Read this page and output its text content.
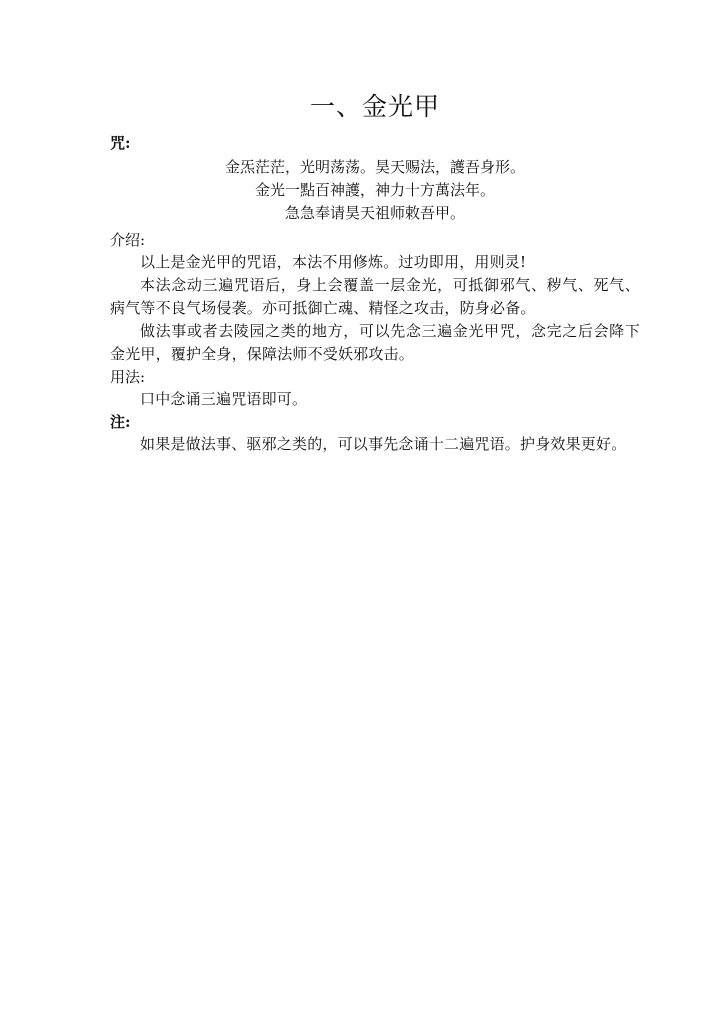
一、金光甲

咒:

金炁茫茫，光明荡荡。昊天赐法，護吾身形。
金光一點百神護，神力十方萬法年。
急急奉请昊天祖师敕吾甲。

介绍:

以上是金光甲的咒语，本法不用修炼。过功即用，用则灵!

本法念动三遍咒语后，身上会覆盖一层金光，可抵御邪气、秽气、死气、病气等不良气场侵袭。亦可抵御亡魂、精怪之攻击，防身必备。

做法事或者去陵园之类的地方，可以先念三遍金光甲咒，念完之后会降下金光甲，覆护全身，保障法师不受妖邪攻击。

用法:

口中念诵三遍咒语即可。

注:

如果是做法事、驱邪之类的，可以事先念诵十二遍咒语。护身效果更好。
